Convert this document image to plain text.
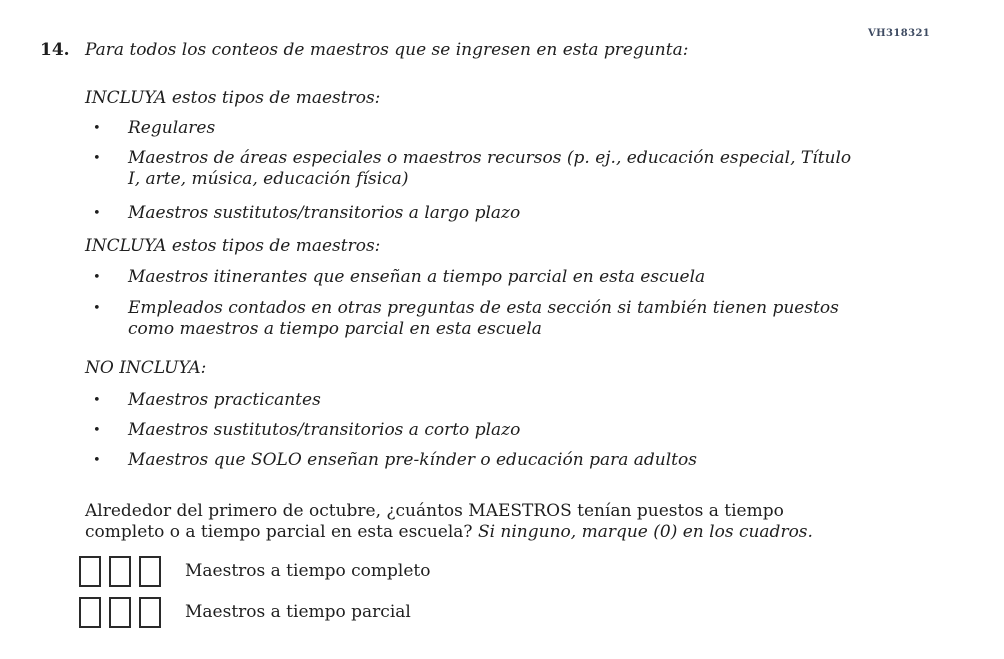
VH318321
14. Para todos los conteos de maestros que se ingresen en esta pregunta:
INCLUYA estos tipos de maestros:
•	Regulares
•	Maestros de áreas especiales o maestros recursos (p. ej., educación especial, Título
I, arte, música, educación física)
•	Maestros sustitutos/transitorios a largo plazo
INCLUYA estos tipos de maestros:
•	Maestros itinerantes que enseñan a tiempo parcial en esta escuela
•	Empleados contados en otras preguntas de esta sección si también tienen puestos
como maestros a tiempo parcial en esta escuela
NO INCLUYA:
•	Maestros practicantes
•	Maestros sustitutos/transitorios a corto plazo
•	Maestros que SOLO enseñan pre-kínder o educación para adultos
Alrededor del primero de octubre, ¿cuántos MAESTROS tenían puestos a tiempo
completo o a tiempo parcial en esta escuela? Si ninguno, marque (0) en los cuadros.
Maestros a tiempo completo
Maestros a tiempo parcial
